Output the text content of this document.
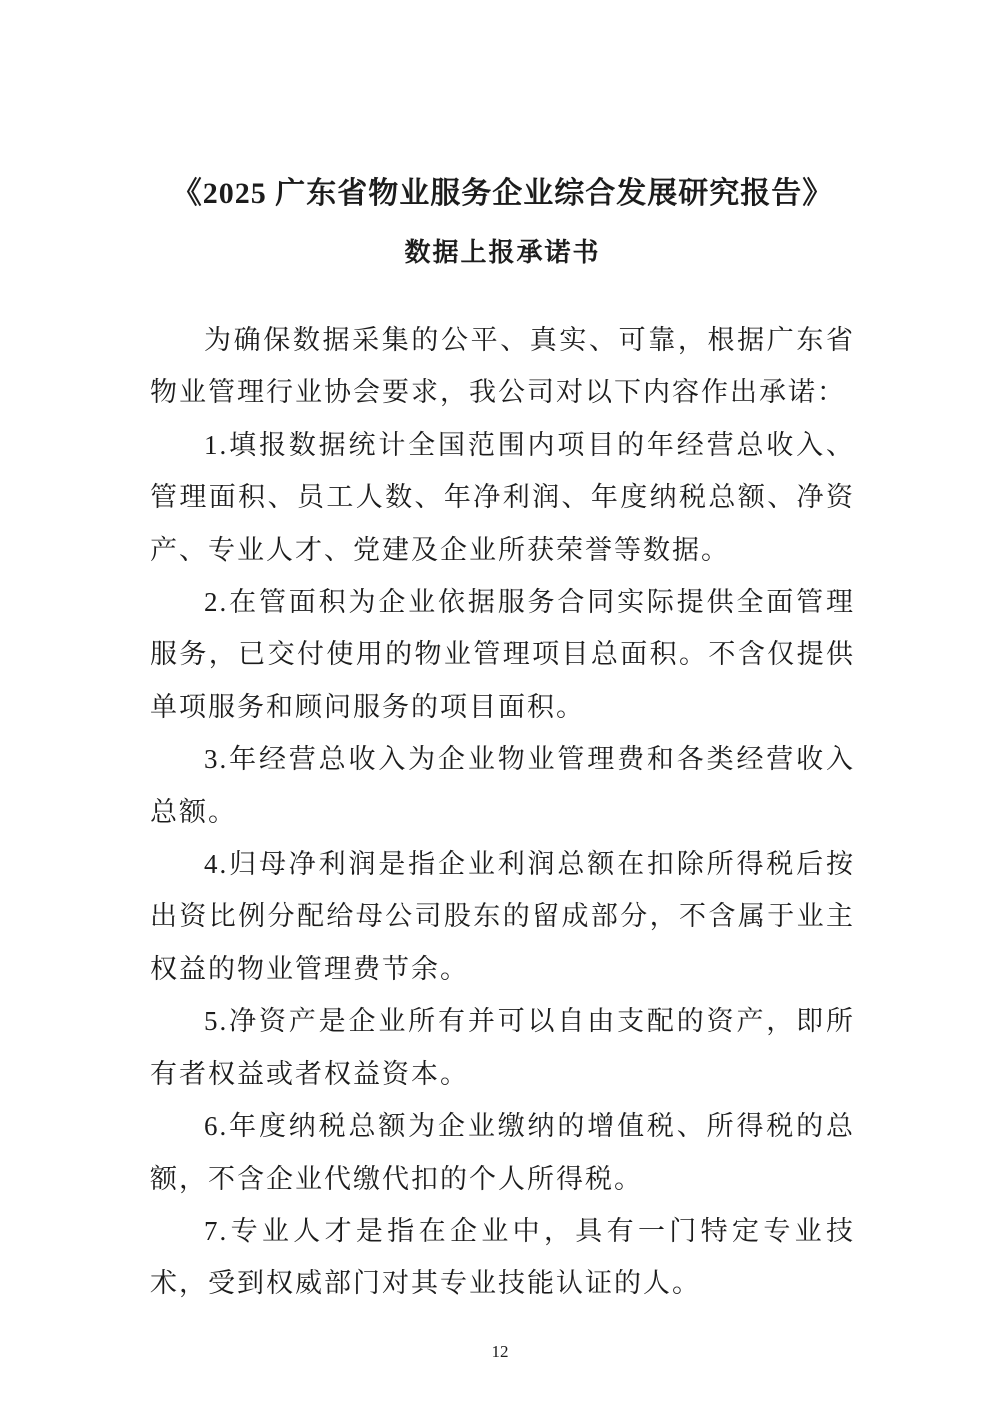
《2025 广东省物业服务企业综合发展研究报告》
数据上报承诺书

为确保数据采集的公平、真实、可靠，根据广东省物业管理行业协会要求，我公司对以下内容作出承诺：

1.填报数据统计全国范围内项目的年经营总收入、管理面积、员工人数、年净利润、年度纳税总额、净资产、专业人才、党建及企业所获荣誉等数据。

2.在管面积为企业依据服务合同实际提供全面管理服务，已交付使用的物业管理项目总面积。不含仅提供单项服务和顾问服务的项目面积。

3.年经营总收入为企业物业管理费和各类经营收入总额。

4.归母净利润是指企业利润总额在扣除所得税后按出资比例分配给母公司股东的留成部分，不含属于业主权益的物业管理费节余。

5.净资产是企业所有并可以自由支配的资产，即所有者权益或者权益资本。

6.年度纳税总额为企业缴纳的增值税、所得税的总额，不含企业代缴代扣的个人所得税。

7.专业人才是指在企业中，具有一门特定专业技术，受到权威部门对其专业技能认证的人。

12
